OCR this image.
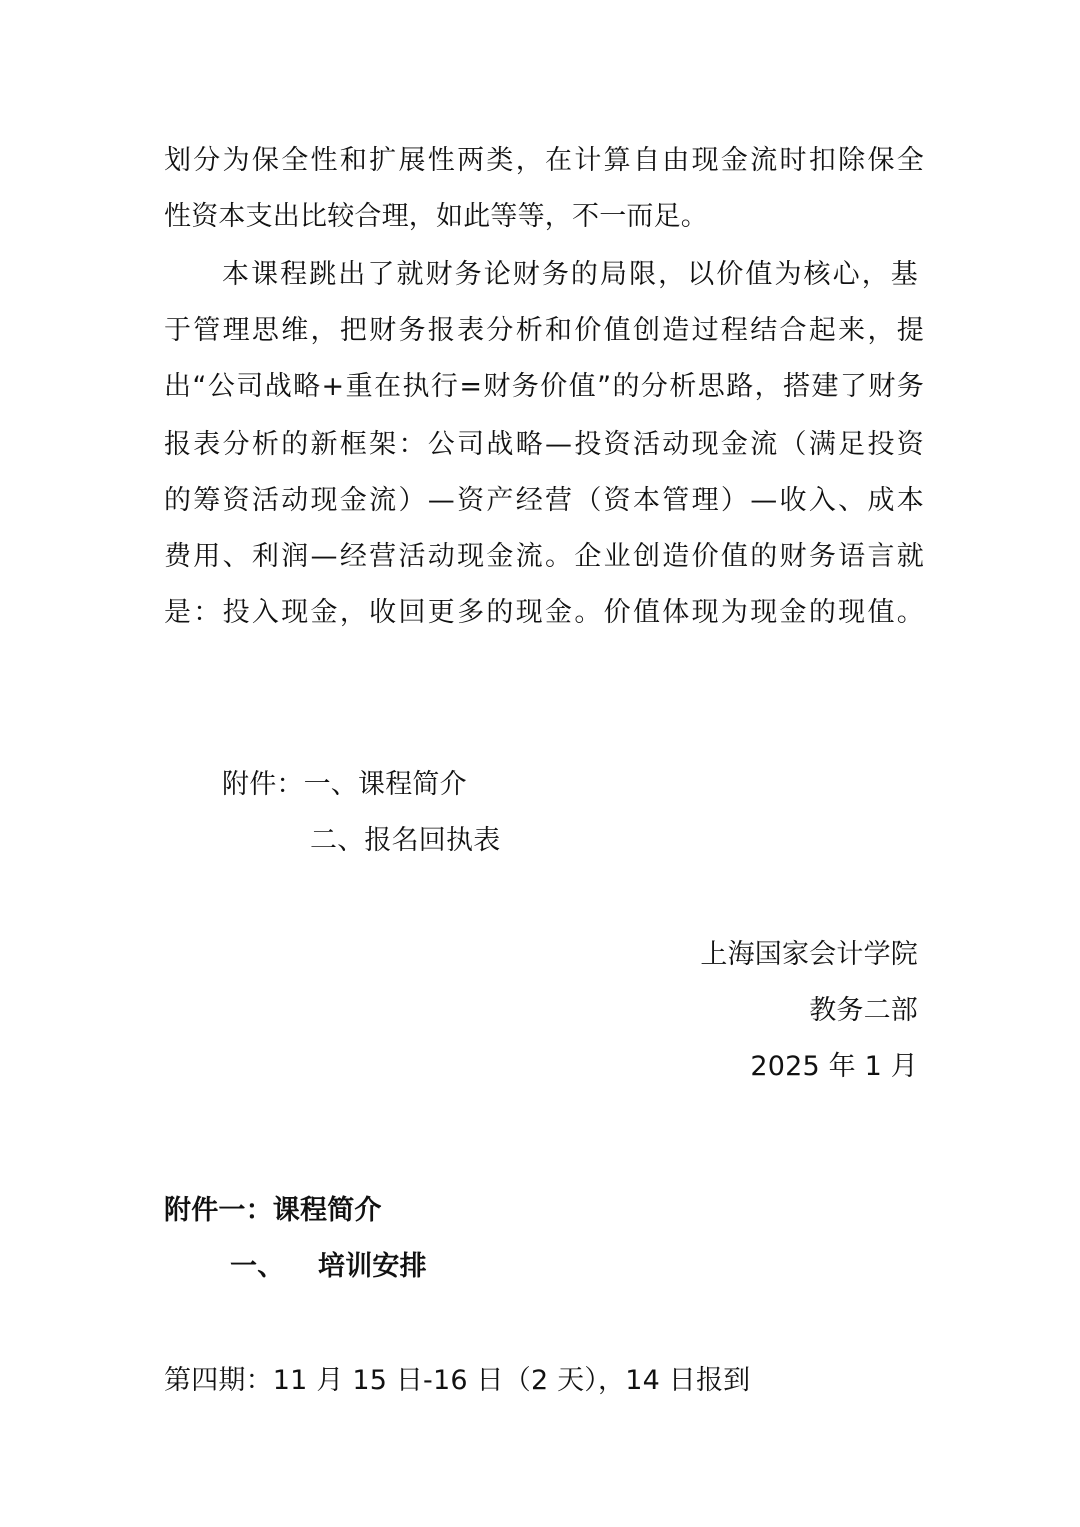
划分为保全性和扩展性两类，在计算自由现金流时扣除保全
性资本支出比较合理，如此等等，不一而足。
本课程跳出了就财务论财务的局限，以价值为核心，基
于管理思维，把财务报表分析和价值创造过程结合起来，提
出“公司战略+重在执行=财务价值”的分析思路，搭建了财务
报表分析的新框架：公司战略—投资活动现金流（满足投资
的筹资活动现金流）—资产经营（资本管理）—收入、成本
费用、利润—经营活动现金流。企业创造价值的财务语言就
是：投入现金，收回更多的现金。价值体现为现金的现值。
附件：一、课程简介
二、报名回执表
上海国家会计学院
教务二部
2025 年 1 月
附件一：课程简介
一、	培训安排
第四期：11 月 15 日-16 日（2 天），14 日报到
